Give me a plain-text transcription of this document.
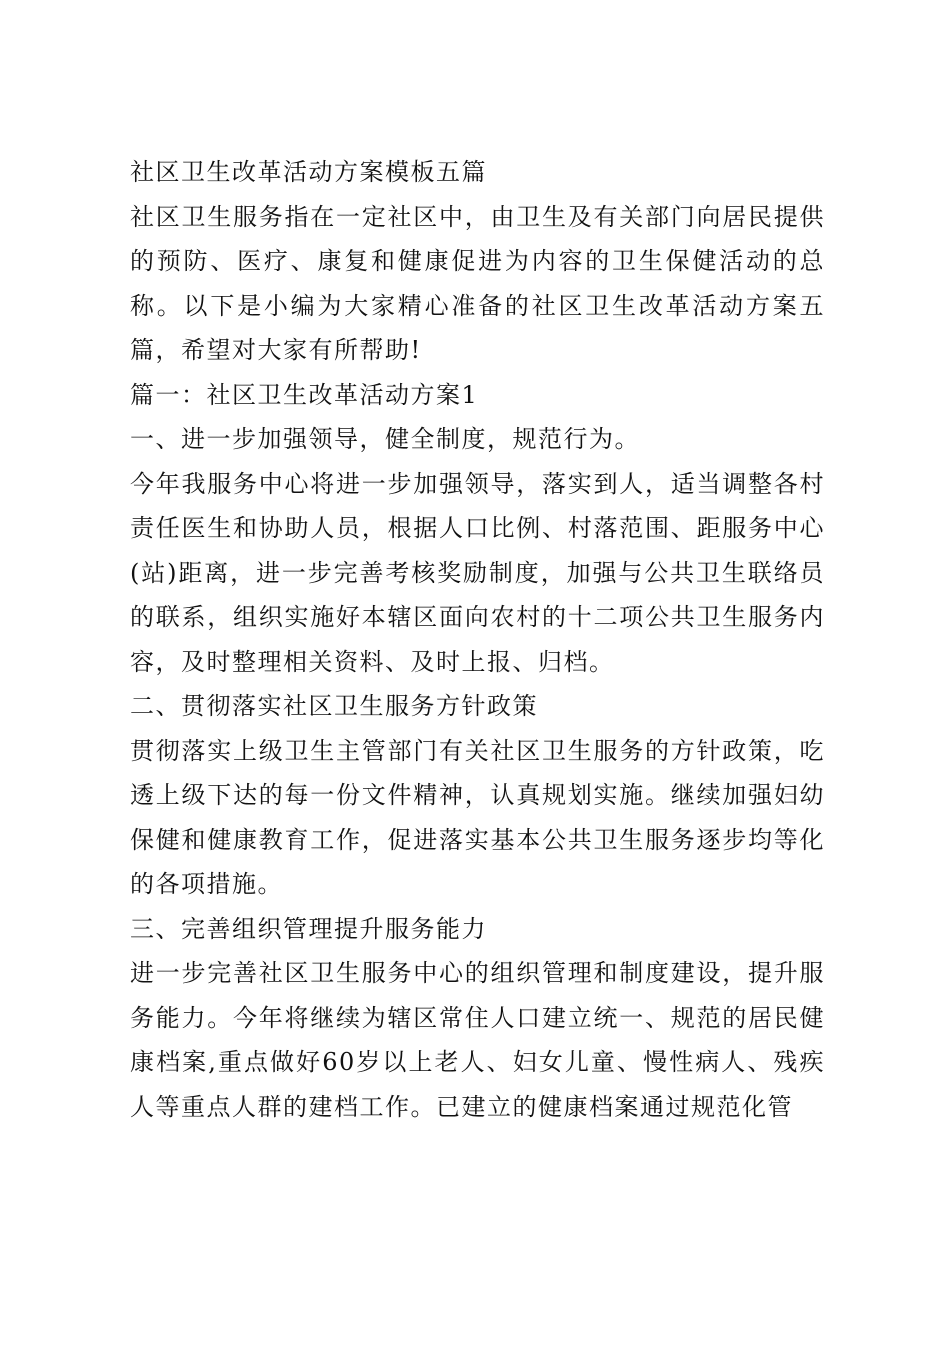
社区卫生改革活动方案模板五篇

社区卫生服务指在一定社区中，由卫生及有关部门向居民提供的预防、医疗、康复和健康促进为内容的卫生保健活动的总称。以下是小编为大家精心准备的社区卫生改革活动方案五篇，希望对大家有所帮助!

篇一：社区卫生改革活动方案1

一、进一步加强领导，健全制度，规范行为。

今年我服务中心将进一步加强领导，落实到人，适当调整各村责任医生和协助人员，根据人口比例、村落范围、距服务中心(站)距离，进一步完善考核奖励制度，加强与公共卫生联络员的联系，组织实施好本辖区面向农村的十二项公共卫生服务内容，及时整理相关资料、及时上报、归档。

二、贯彻落实社区卫生服务方针政策

贯彻落实上级卫生主管部门有关社区卫生服务的方针政策，吃透上级下达的每一份文件精神，认真规划实施。继续加强妇幼保健和健康教育工作，促进落实基本公共卫生服务逐步均等化的各项措施。

三、完善组织管理提升服务能力

进一步完善社区卫生服务中心的组织管理和制度建设，提升服务能力。今年将继续为辖区常住人口建立统一、规范的居民健康档案,重点做好60岁以上老人、妇女儿童、慢性病人、残疾人等重点人群的建档工作。已建立的健康档案通过规范化管
